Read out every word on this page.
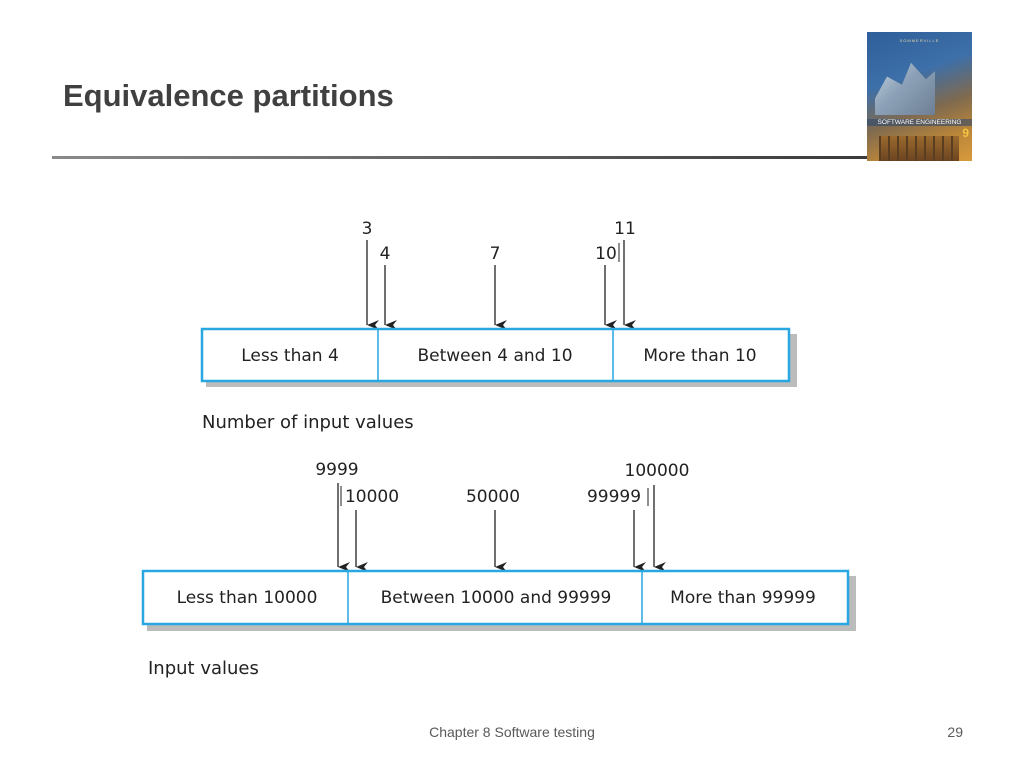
Equivalence partitions
SOMMERVILLE
SOFTWARE ENGINEERING
9
3
4	7	10
11
Less than 4	Between 4 and 10	More than 10
Number of input values
9999
10000	50000	99999
100000
Less than 10000	Between 10000 and 99999	More than 99999
Input values
Chapter 8 Software testing	29
